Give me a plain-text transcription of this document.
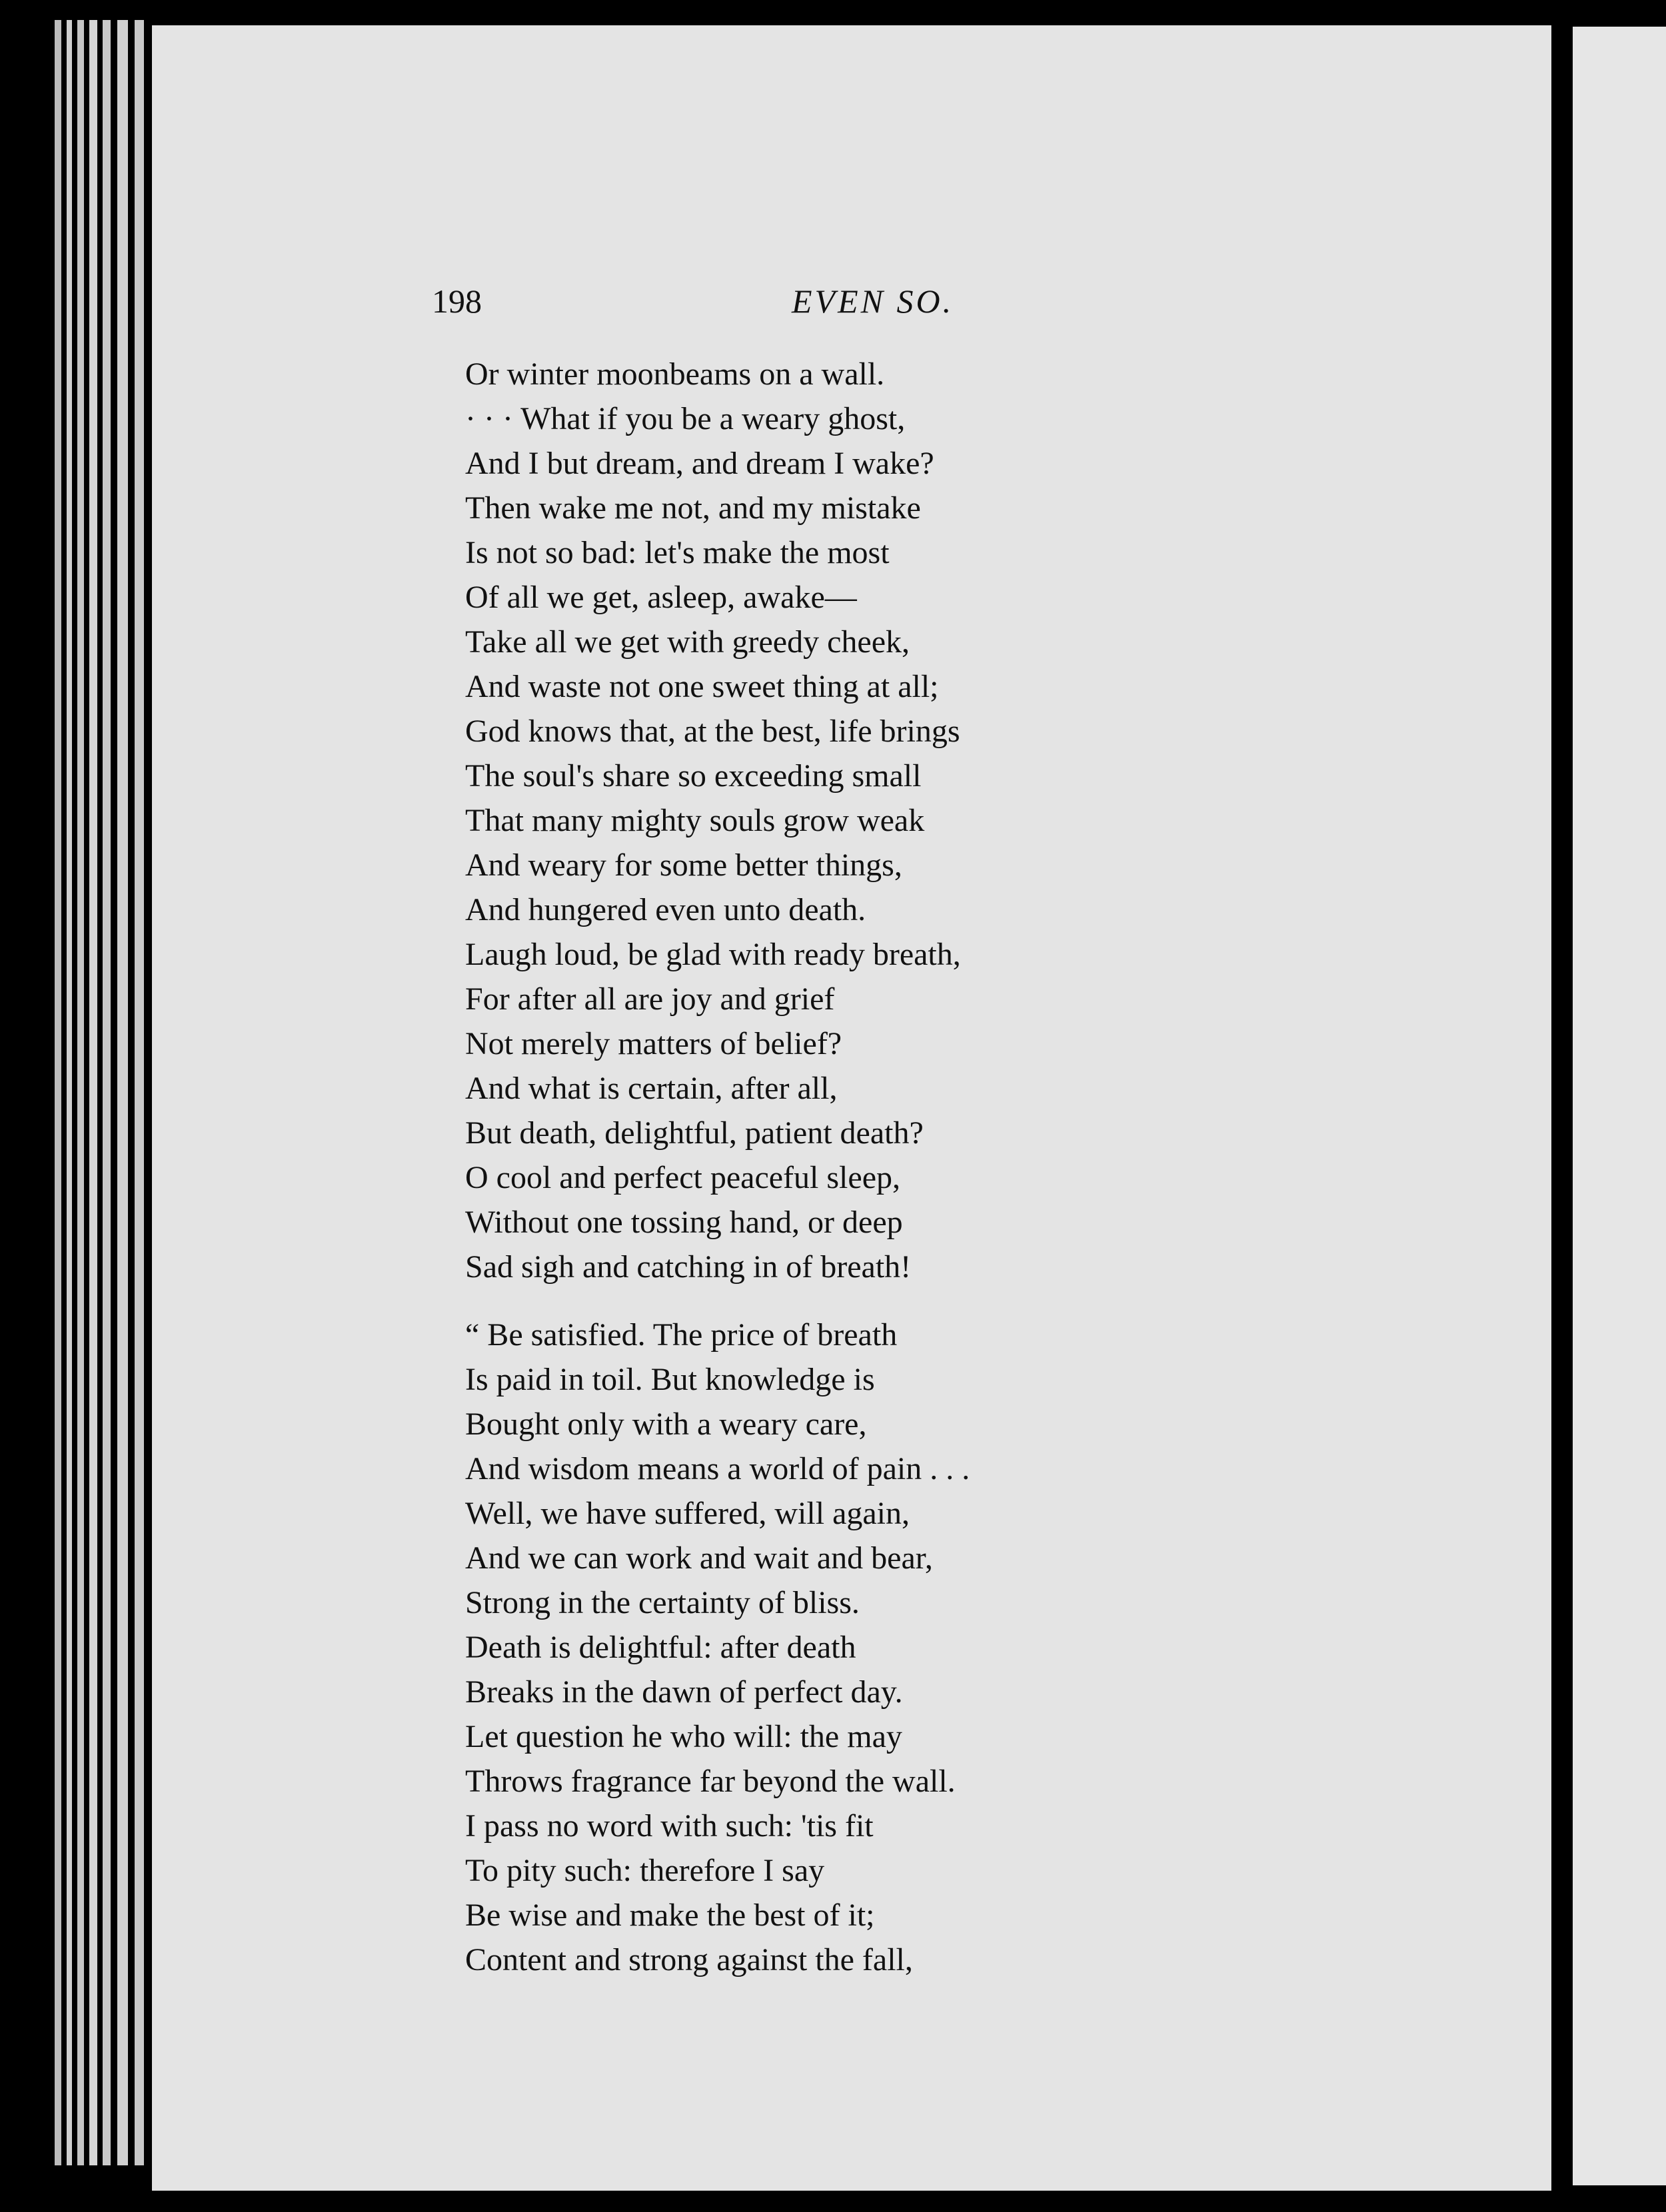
198	EVEN SO.
Or winter moonbeams on a wall.
· · · What if you be a weary ghost,
And I but dream, and dream I wake?
Then wake me not, and my mistake
Is not so bad: let's make the most
Of all we get, asleep, awake—
Take all we get with greedy cheek,
And waste not one sweet thing at all;
God knows that, at the best, life brings
The soul's share so exceeding small
That many mighty souls grow weak
And weary for some better things,
And hungered even unto death.
Laugh loud, be glad with ready breath,
For after all are joy and grief
Not merely matters of belief?
And what is certain, after all,
But death, delightful, patient death?
O cool and perfect peaceful sleep,
Without one tossing hand, or deep
Sad sigh and catching in of breath!
“ Be satisfied. The price of breath
Is paid in toil. But knowledge is
Bought only with a weary care,
And wisdom means a world of pain . . .
Well, we have suffered, will again,
And we can work and wait and bear,
Strong in the certainty of bliss.
Death is delightful: after death
Breaks in the dawn of perfect day.
Let question he who will: the may
Throws fragrance far beyond the wall.
I pass no word with such: 'tis fit
To pity such: therefore I say
Be wise and make the best of it;
Content and strong against the fall,
